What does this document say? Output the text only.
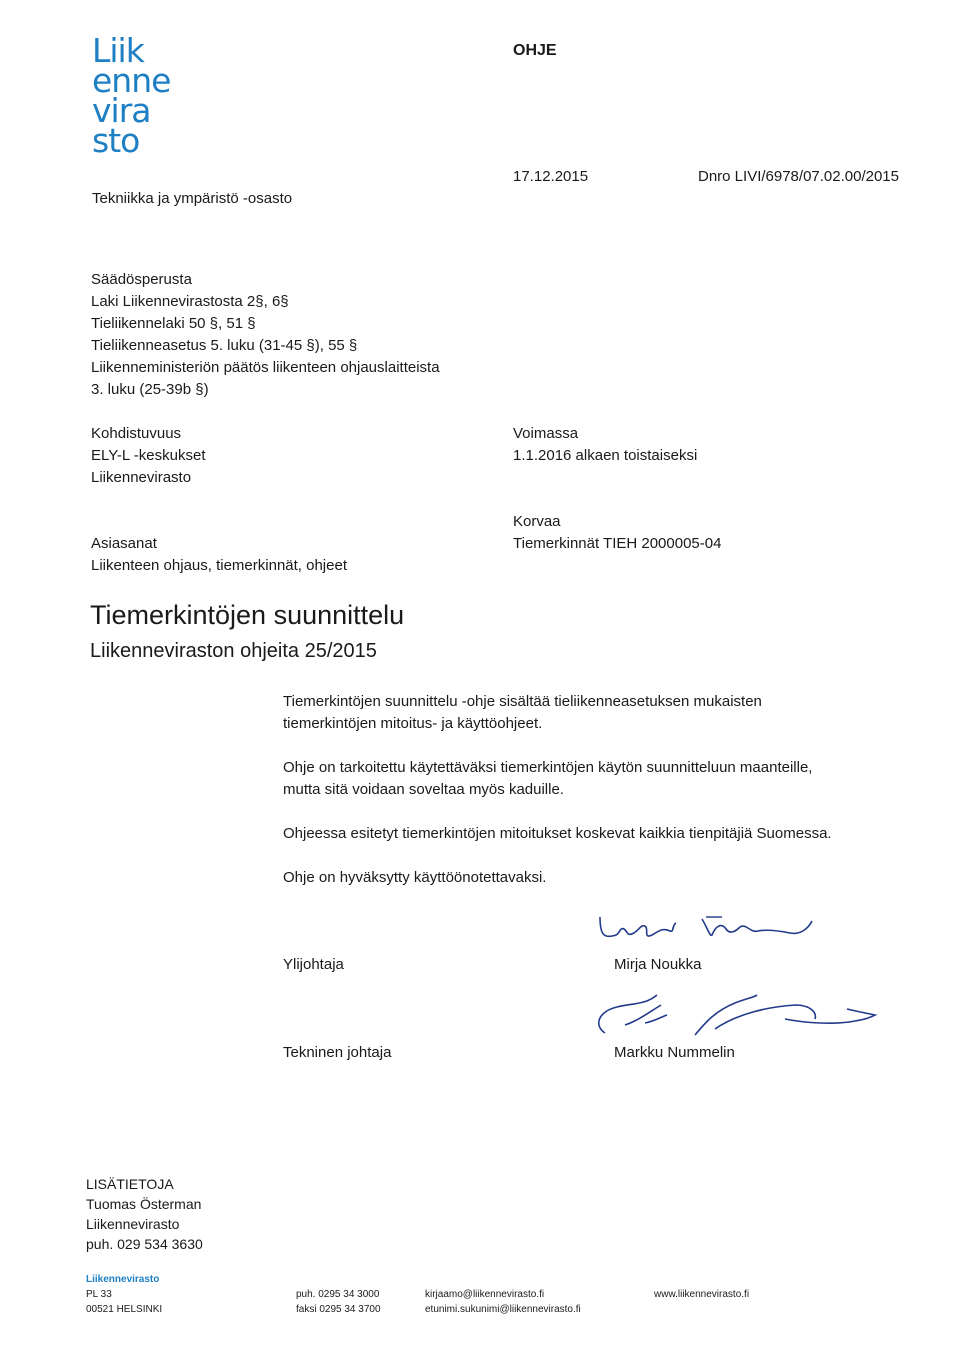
Liik
enne
vira
sto
OHJE
Tekniikka ja ympäristö -osasto
17.12.2015	Dnro LIVI/6978/07.02.00/2015
Säädösperusta
Laki Liikennevirastosta 2§, 6§
Tieliikennelaki 50 §, 51 §
Tieliikenneasetus 5. luku (31-45 §), 55 §
Liikenneministeriön päätös liikenteen ohjauslaitteista
3. luku (25-39b §)
Kohdistuvuus
ELY-L -keskukset
Liikennevirasto
Voimassa
1.1.2016 alkaen toistaiseksi
Asiasanat
Liikenteen ohjaus, tiemerkinnät, ohjeet
Korvaa
Tiemerkinnät TIEH 2000005-04
Tiemerkintöjen suunnittelu
Liikenneviraston ohjeita 25/2015
Tiemerkintöjen suunnittelu -ohje sisältää tieliikenneasetuksen mukaisten
tiemerkintöjen mitoitus- ja käyttöohjeet.
Ohje on tarkoitettu käytettäväksi tiemerkintöjen käytön suunnitteluun maanteille,
mutta sitä voidaan soveltaa myös kaduille.
Ohjeessa esitetyt tiemerkintöjen mitoitukset koskevat kaikkia tienpitäjiä Suomessa.
Ohje on hyväksytty käyttöönotettavaksi.
Ylijohtaja	Mirja Noukka
Tekninen johtaja	Markku Nummelin
LISÄTIETOJA
Tuomas Österman
Liikennevirasto
puh. 029 534 3630
Liikennevirasto
PL 33
00521 HELSINKI
puh. 0295 34 3000
faksi 0295 34 3700
kirjaamo@liikennevirasto.fi
etunimi.sukunimi@liikennevirasto.fi
www.liikennevirasto.fi
